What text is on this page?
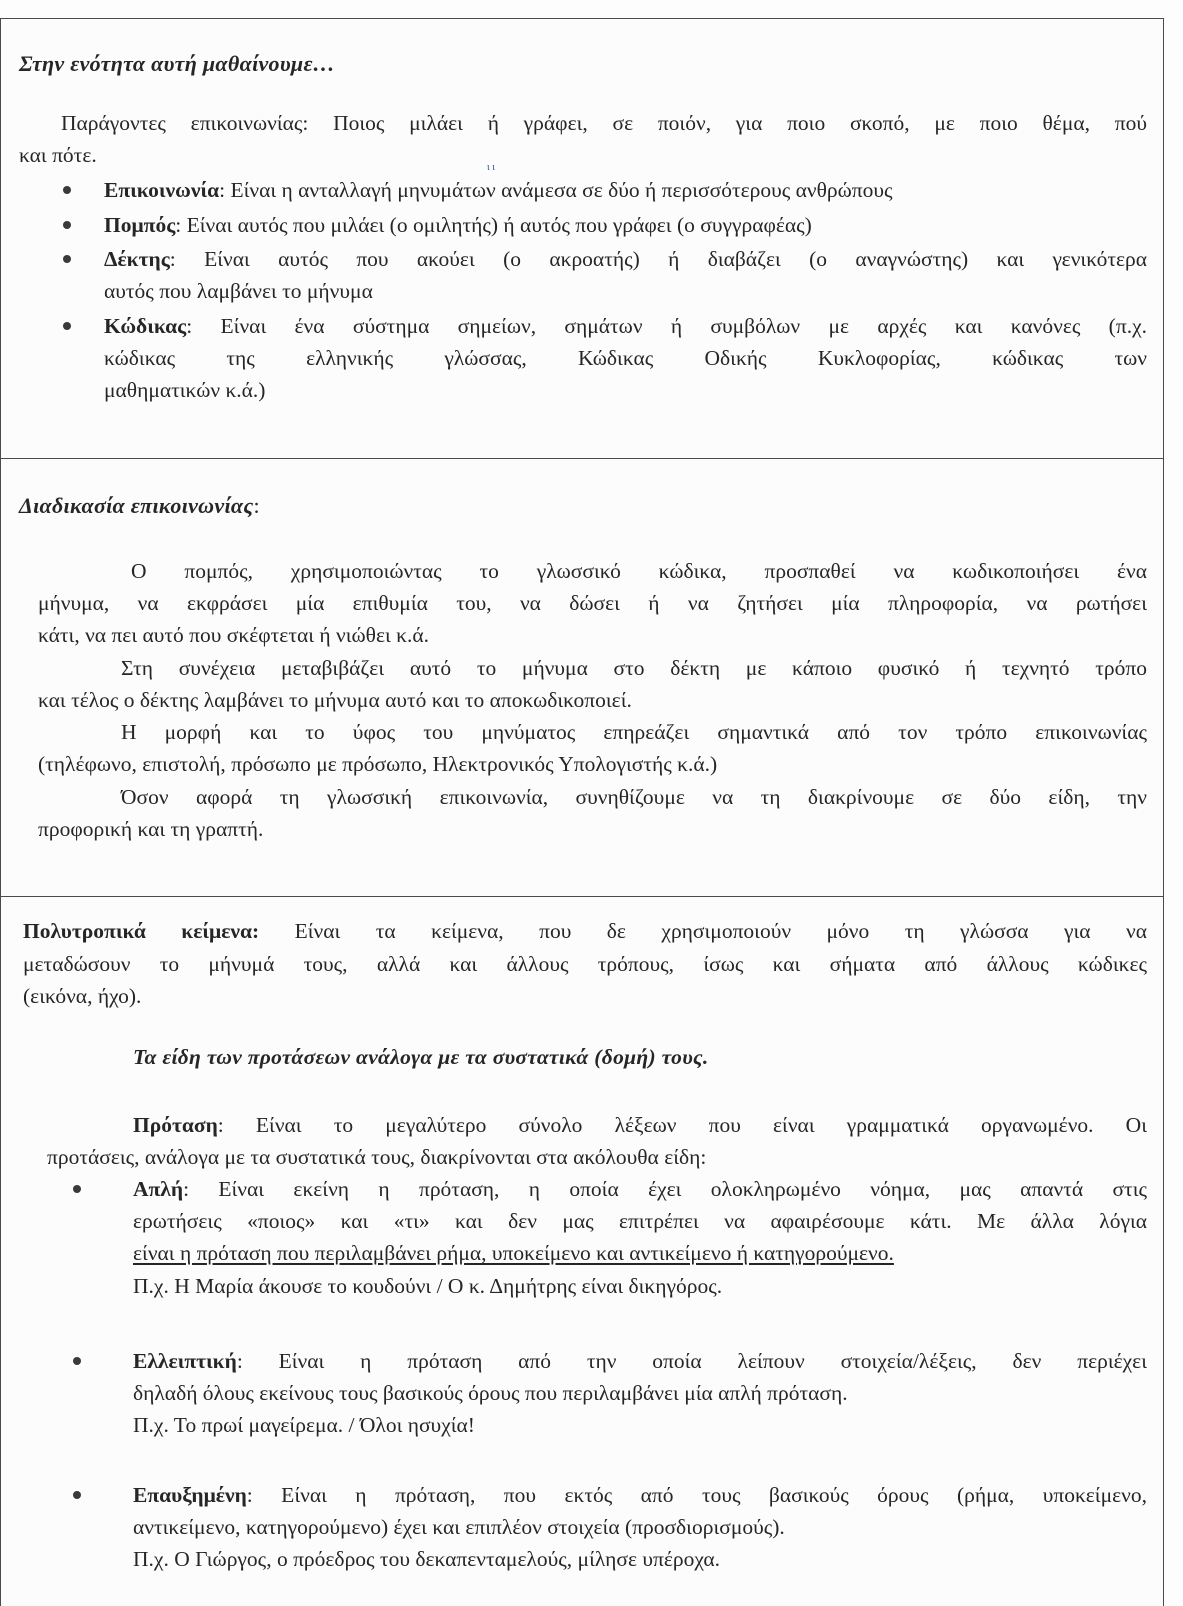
Στην ενότητα αυτή μαθαίνουμε…
Παράγοντες επικοινωνίας: Ποιος μιλάει ή γράφει, σε ποιόν, για ποιο σκοπό, με ποιο θέμα, πού
και πότε.
ι ι
Επικοινωνία: Είναι η ανταλλαγή μηνυμάτων ανάμεσα σε δύο ή περισσότερους ανθρώπους
Πομπός: Είναι αυτός που μιλάει (ο ομιλητής) ή αυτός που γράφει (ο συγγραφέας)
Δέκτης: Είναι αυτός που ακούει (ο ακροατής) ή διαβάζει (ο αναγνώστης) και γενικότερα
αυτός που λαμβάνει το μήνυμα
Κώδικας: Είναι ένα σύστημα σημείων, σημάτων ή συμβόλων με αρχές και κανόνες (π.χ.
κώδικας της ελληνικής γλώσσας, Κώδικας Οδικής Κυκλοφορίας, κώδικας των
μαθηματικών κ.ά.)
Διαδικασία επικοινωνίας:
Ο πομπός, χρησιμοποιώντας το γλωσσικό κώδικα, προσπαθεί να κωδικοποιήσει ένα
μήνυμα, να εκφράσει μία επιθυμία του, να δώσει ή να ζητήσει μία πληροφορία, να ρωτήσει
κάτι, να πει αυτό που σκέφτεται ή νιώθει κ.ά.
Στη συνέχεια μεταβιβάζει αυτό το μήνυμα στο δέκτη με κάποιο φυσικό ή τεχνητό τρόπο
και τέλος ο δέκτης λαμβάνει το μήνυμα αυτό και το αποκωδικοποιεί.
Η μορφή και το ύφος του μηνύματος επηρεάζει σημαντικά από τον τρόπο επικοινωνίας
(τηλέφωνο, επιστολή, πρόσωπο με πρόσωπο, Ηλεκτρονικός Υπολογιστής κ.ά.)
Όσον αφορά τη γλωσσική επικοινωνία, συνηθίζουμε να τη διακρίνουμε σε δύο είδη, την
προφορική και τη γραπτή.
Πολυτροπικά κείμενα: Είναι τα κείμενα, που δε χρησιμοποιούν μόνο τη γλώσσα για να
μεταδώσουν το μήνυμά τους, αλλά και άλλους τρόπους, ίσως και σήματα από άλλους κώδικες
(εικόνα, ήχο).
Τα είδη των προτάσεων ανάλογα με τα συστατικά (δομή) τους.
Πρόταση: Είναι το μεγαλύτερο σύνολο λέξεων που είναι γραμματικά οργανωμένο. Οι
προτάσεις, ανάλογα με τα συστατικά τους, διακρίνονται στα ακόλουθα είδη:
Απλή: Είναι εκείνη η πρόταση, η οποία έχει ολοκληρωμένο νόημα, μας απαντά στις
ερωτήσεις «ποιος» και «τι» και δεν μας επιτρέπει να αφαιρέσουμε κάτι. Με άλλα λόγια
είναι η πρόταση που περιλαμβάνει ρήμα, υποκείμενο και αντικείμενο ή κατηγορούμενο.
Π.χ. Η Μαρία άκουσε το κουδούνι / Ο κ. Δημήτρης είναι δικηγόρος.
Ελλειπτική: Είναι η πρόταση από την οποία λείπουν στοιχεία/λέξεις, δεν περιέχει
δηλαδή όλους εκείνους τους βασικούς όρους που περιλαμβάνει μία απλή πρόταση.
Π.χ. Το πρωί μαγείρεμα. / Όλοι ησυχία!
Επαυξημένη: Είναι η πρόταση, που εκτός από τους βασικούς όρους (ρήμα, υποκείμενο,
αντικείμενο, κατηγορούμενο) έχει και επιπλέον στοιχεία (προσδιορισμούς).
Π.χ. Ο Γιώργος, ο πρόεδρος του δεκαπενταμελούς, μίλησε υπέροχα.
